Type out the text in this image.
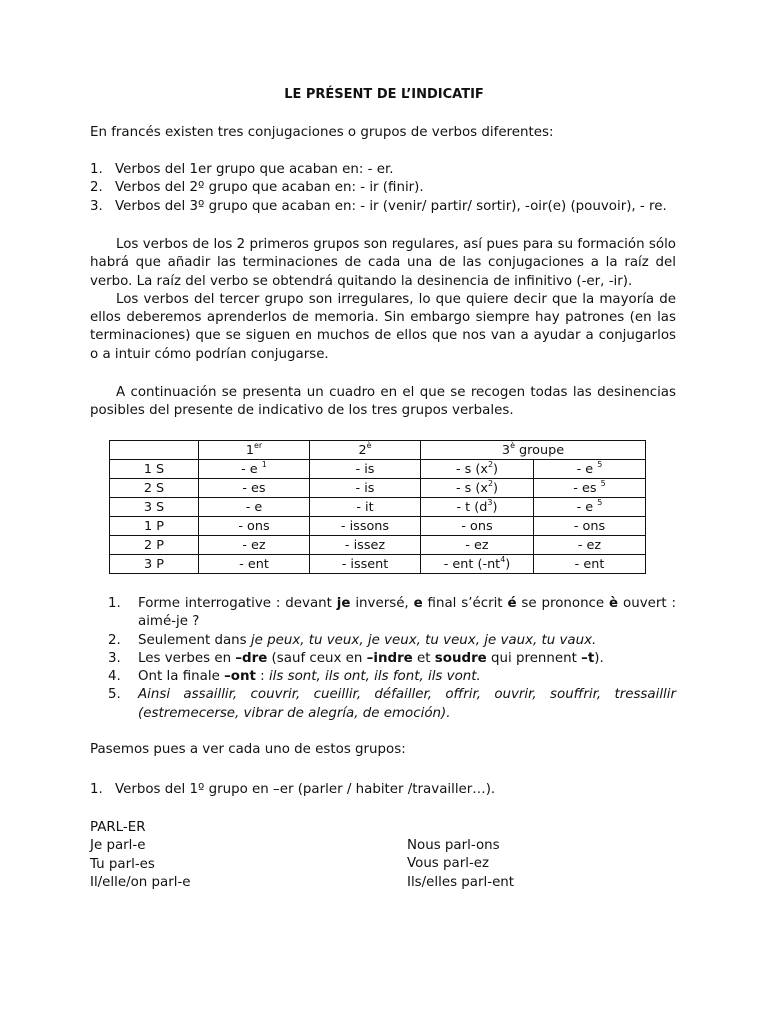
LE PRÉSENT DE L’INDICATIF

En francés existen tres conjugaciones o grupos de verbos diferentes:

1. Verbos del 1er grupo que acaban en: - er.
2. Verbos del 2º grupo que acaban en: - ir (finir).
3. Verbos del 3º grupo que acaban en: - ir (venir/ partir/ sortir), -oir(e) (pouvoir), - re.

Los verbos de los 2 primeros grupos son regulares, así pues para su formación sólo habrá que añadir las terminaciones de cada una de las conjugaciones a la raíz del verbo. La raíz del verbo se obtendrá quitando la desinencia de infinitivo (-er, -ir).

Los verbos del tercer grupo son irregulares, lo que quiere decir que la mayoría de ellos deberemos aprenderlos de memoria. Sin embargo siempre hay patrones (en las terminaciones) que se siguen en muchos de ellos que nos van a ayudar a conjugarlos o a intuir cómo podrían conjugarse.

A continuación se presenta un cuadro en el que se recogen todas las desinencias posibles del presente de indicativo de los tres grupos verbales.

	1er	$2^è$	$3^è$ groupe	
1 S	- e $^1$	- is	- s $(x^2)$	- e $^5$
2 S	- es	- is	- s $(x^2)$	- es $^5$
3 S	- e	- it	- t $(d^3)$	- e $^5$
1 P	- ons	- issons	- ons	- ons
2 P	- ez	- issez	- ez	- ez
3 P	- ent	- issent	- ent $(-nt^4)$	- ent
1.	Forme interrogative : devant je inversé, e final s’écrit é se prononce è ouvert : aimé-je ?
2.	Seulement dans je peux, tu veux, je veux, tu veux, je vaux, tu vaux.
3.	Les verbes en –dre (sauf ceux en –indre et soudre qui prennent –t).
4.	Ont la finale –ont : ils sont, ils ont, ils font, ils vont.
5.	Ainsi assaillir, couvrir, cueillir, défailler, offrir, ouvrir, souffrir, tressaillir (estremecerse, vibrar de alegría, de emoción).

Pasemos pues a ver cada uno de estos grupos:

1. Verbos del 1º grupo en –er (parler / habiter /travailler…).
PARL-ER
Je parl-e
Tu parl-es
Il/elle/on parl-e
Nous parl-ons
Vous parl-ez
Ils/elles parl-ent
